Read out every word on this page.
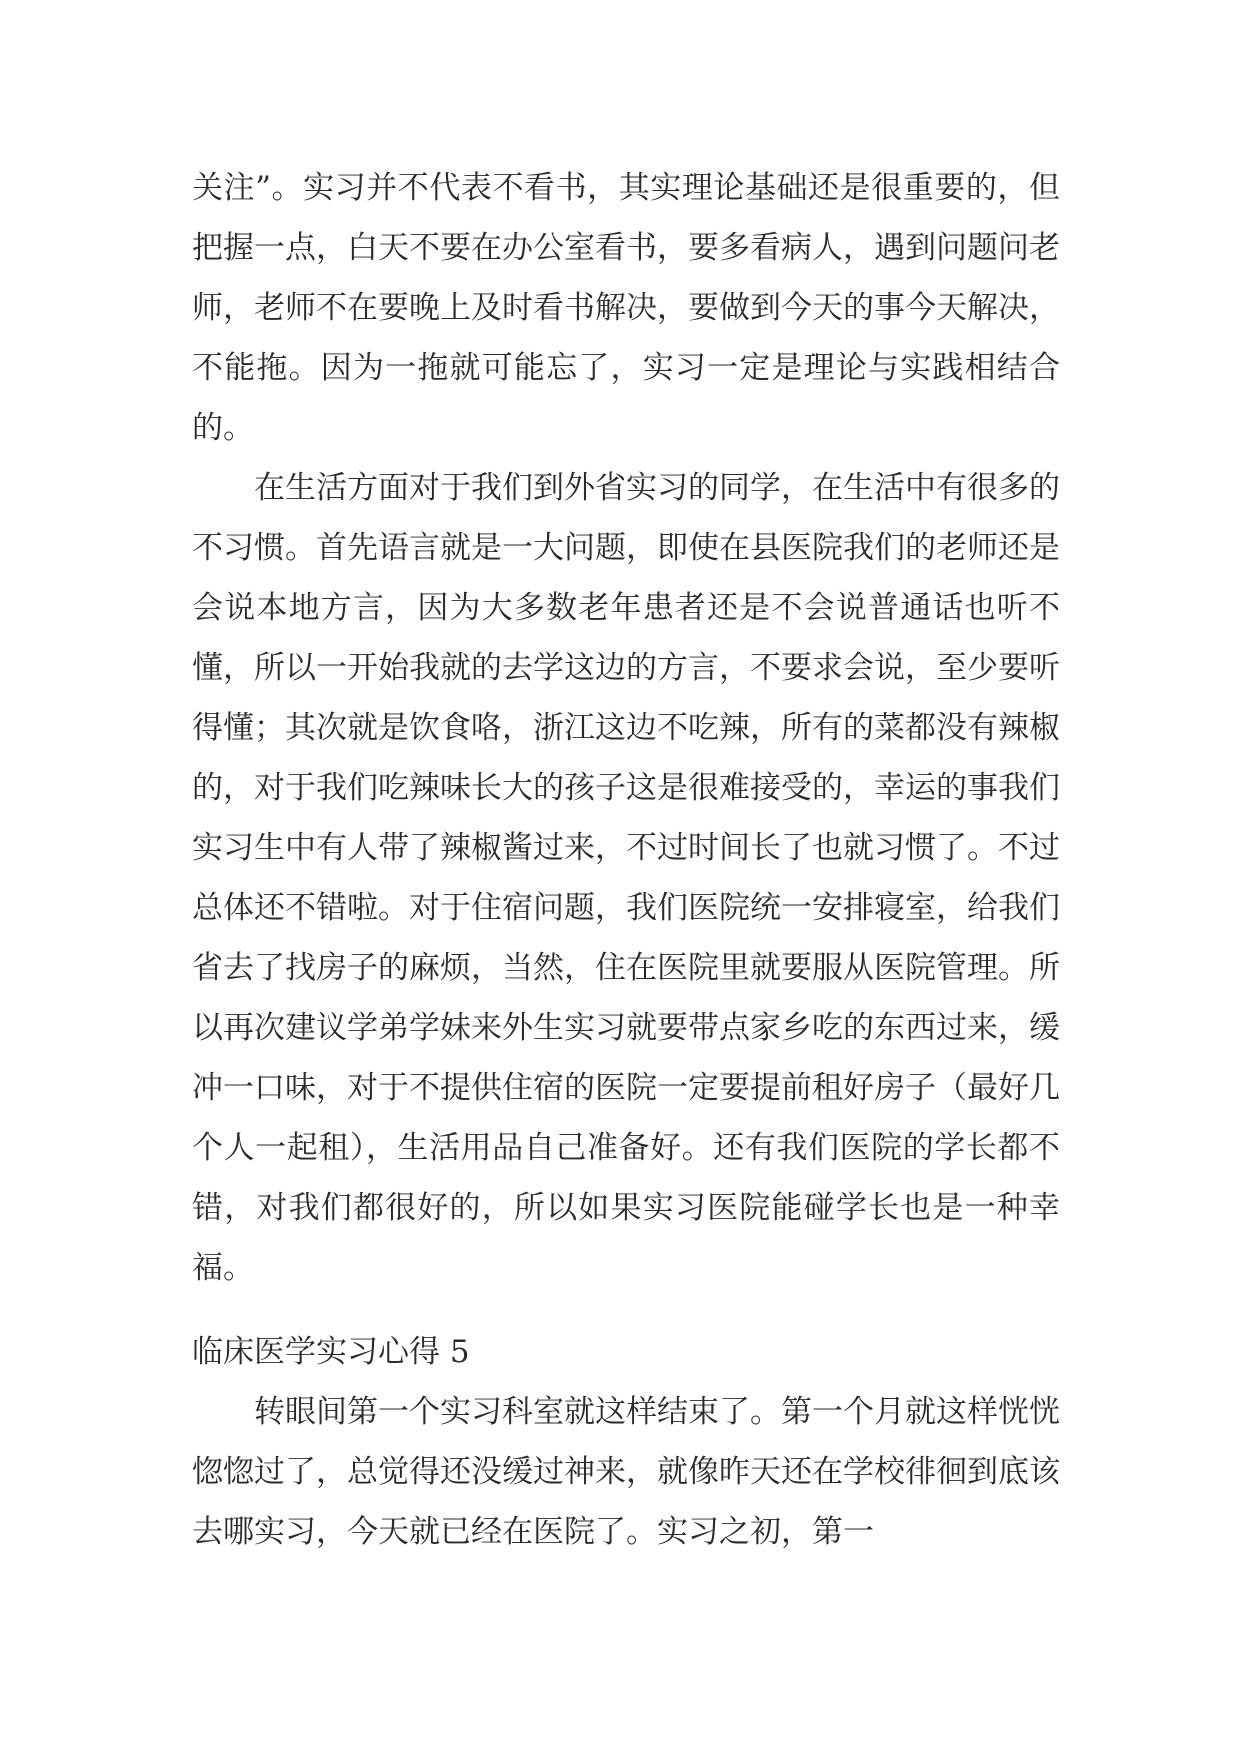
关注”。实习并不代表不看书，其实理论基础还是很重要的，但把握一点，白天不要在办公室看书，要多看病人，遇到问题问老师，老师不在要晚上及时看书解决，要做到今天的事今天解决，不能拖。因为一拖就可能忘了，实习一定是理论与实践相结合的。

在生活方面对于我们到外省实习的同学，在生活中有很多的不习惯。首先语言就是一大问题，即使在县医院我们的老师还是会说本地方言，因为大多数老年患者还是不会说普通话也听不懂，所以一开始我就的去学这边的方言，不要求会说，至少要听得懂；其次就是饮食咯，浙江这边不吃辣，所有的菜都没有辣椒的，对于我们吃辣味长大的孩子这是很难接受的，幸运的事我们实习生中有人带了辣椒酱过来，不过时间长了也就习惯了。不过总体还不错啦。对于住宿问题，我们医院统一安排寝室，给我们省去了找房子的麻烦，当然，住在医院里就要服从医院管理。所以再次建议学弟学妹来外生实习就要带点家乡吃的东西过来，缓冲一口味，对于不提供住宿的医院一定要提前租好房子（最好几个人一起租），生活用品自己准备好。还有我们医院的学长都不错，对我们都很好的，所以如果实习医院能碰学长也是一种幸福。

临床医学实习心得 5

转眼间第一个实习科室就这样结束了。第一个月就这样恍恍惚惚过了，总觉得还没缓过神来，就像昨天还在学校徘徊到底该去哪实习，今天就已经在医院了。实习之初，第一
